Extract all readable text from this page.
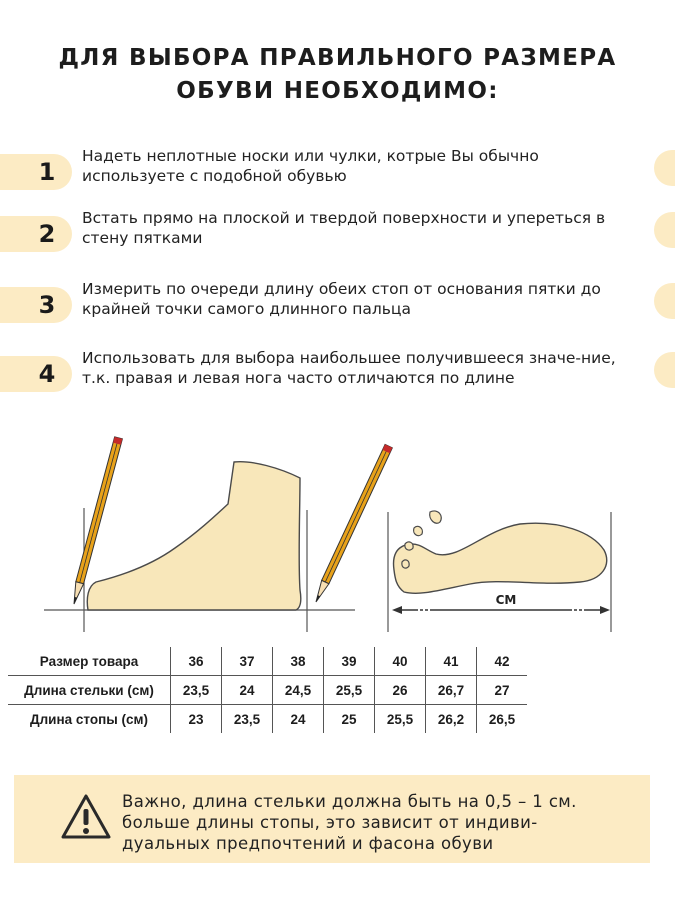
ДЛЯ ВЫБОРА ПРАВИЛЬНОГО РАЗМЕРА
ОБУВИ НЕОБХОДИМО:
1
Надеть неплотные носки или чулки, котрые Вы обычно используете с подобной обувью
2
Встать прямо на плоской и твердой поверхности и упереться в стену пятками
3
Измерить по очереди длину обеих стоп от основания пятки до крайней точки самого длинного пальца
4
Использовать для выбора наибольшее получившееся значе-ние, т.к. правая и левая нога часто отличаются по длине
СМ
Размер товара	36	37	38	39	40	41	42
Длина стельки (см)	23,5	24	24,5	25,5	26	26,7	27
Длина стопы (см)	23	23,5	24	25	25,5	26,2	26,5
Важно, длина стельки должна быть на 0,5 – 1 см.
больше длины стопы, это зависит от индиви-
дуальных предпочтений и фасона обуви
